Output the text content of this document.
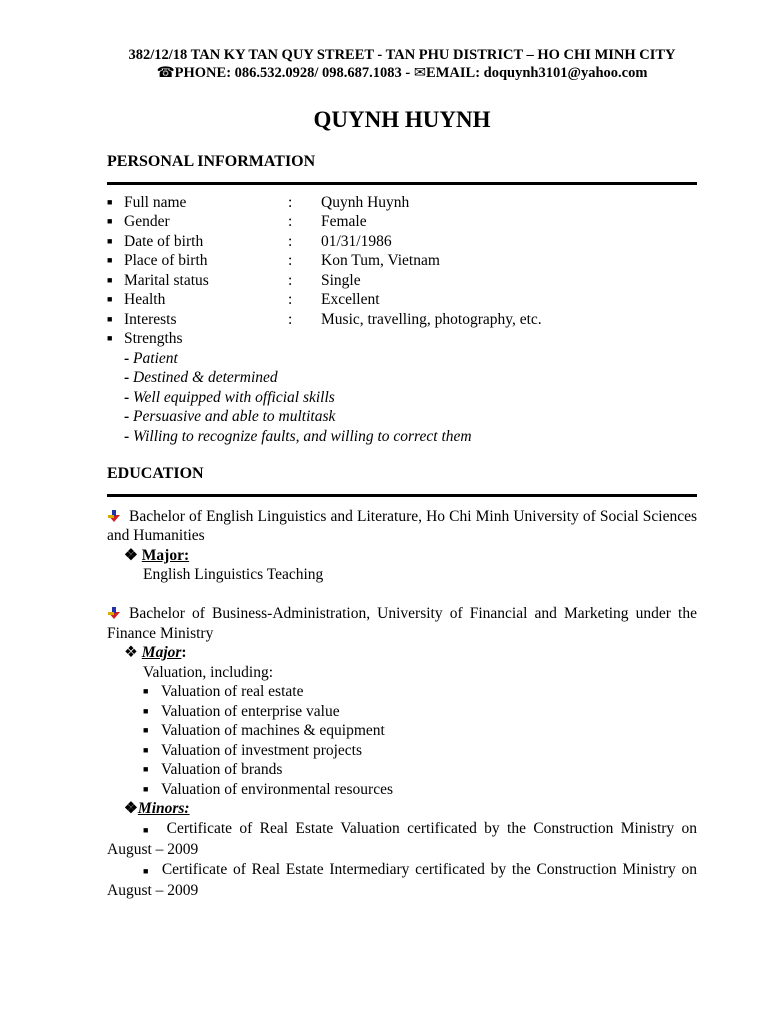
382/12/18 TAN KY TAN QUY STREET - TAN PHU DISTRICT – HO CHI MINH CITY
☎PHONE: 086.532.0928/ 098.687.1083 - ✉EMAIL: doquynh3101@yahoo.com
QUYNH HUYNH
PERSONAL INFORMATION
■ Full name	:	Quynh Huynh
■ Gender	:	Female
■ Date of birth	:	01/31/1986
■ Place of birth	:	Kon Tum, Vietnam
■ Marital status	:	Single
■ Health	:	Excellent
■ Interests	:	Music, travelling, photography, etc.
■ Strengths
- Patient
- Destined & determined
- Well equipped with official skills
- Persuasive and able to multitask
- Willing to recognize faults, and willing to correct them
EDUCATION
Bachelor of English Linguistics and Literature, Ho Chi Minh University of Social Sciences and Humanities
❖ Major:
English Linguistics Teaching
Bachelor of Business-Administration, University of Financial and Marketing under the Finance Ministry
❖ Major:
Valuation, including:
■ Valuation of real estate
■ Valuation of enterprise value
■ Valuation of machines & equipment
■ Valuation of investment projects
■ Valuation of brands
■ Valuation of environmental resources
❖Minors:
■ Certificate of Real Estate Valuation certificated by the Construction Ministry on August – 2009
■ Certificate of Real Estate Intermediary certificated by the Construction Ministry on August – 2009
